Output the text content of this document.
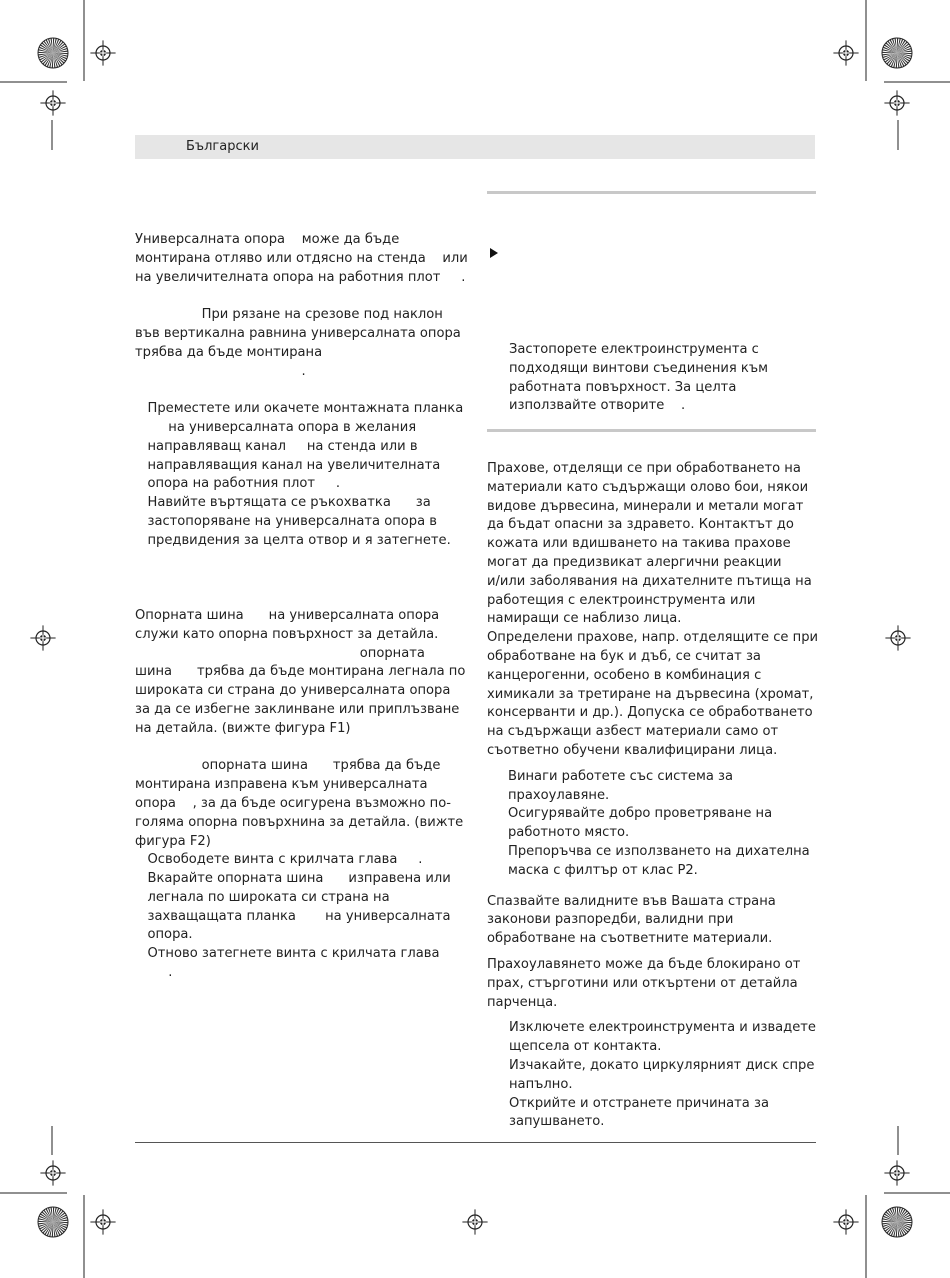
Български

Универсалната опора    може да бъде

монтирана отляво или отдясно на стенда    или

на увеличителната опора на работния плот     .

При рязане на срезове под наклон

във вертикална равнина универсалната опора

трябва да бъде монтирана

.

Преместете или окачете монтажната планка

на универсалната опора в желания

направляващ канал     на стенда или в

направляващия канал на увеличителната

опора на работния плот     .

Навийте въртящата се ръкохватка      за

застопоряване на универсалната опора в

предвидения за целта отвор и я затегнете.

Опорната шина      на универсалната опора

служи като опорна повърхност за детайла.

опорната

шина      трябва да бъде монтирана легнала по

широката си страна до универсалната опора

за да се избегне заклинване или приплъзване

на детайла. (вижте фигура F1)

опорната шина      трябва да бъде

монтирана изправена към универсалната

опора    , за да бъде осигурена възможно по-

голяма опорна повърхнина за детайла. (вижте

фигура F2)

Освободете винта с крилчата глава     .

Вкарайте опорната шина      изправена или

легнала по широката си страна на

захващащата планка       на универсалната

опора.

Отново затегнете винта с крилчата глава

.

Застопорете електроинструмента с

подходящи винтови съединения към

работната повърхност. За целта

използвайте отворите    .

Прахове, отделящи се при обработването на

материали като съдържащи олово бои, някои

видове дървесина, минерали и метали могат

да бъдат опасни за здравето. Контактът до

кожата или вдишването на такива прахове

могат да предизвикат алергични реакции

и/или заболявания на дихателните пътища на

работещия с електроинструмента или

намиращи се наблизо лица.

Определени прахове, напр. отделящите се при

обработване на бук и дъб, се считат за

канцерогенни, особено в комбинация с

химикали за третиране на дървесина (хромат,

консерванти и др.). Допуска се обработването

на съдържащи азбест материали само от

съответно обучени квалифицирани лица.

Винаги работете със система за

прахоулавяне.

Осигурявайте добро проветряване на

работното място.

Препоръчва се използването на дихателна

маска с филтър от клас P2.

Спазвайте валидните във Вашата страна

законови разпоредби, валидни при

обработване на съответните материали.

Прахоулавянето може да бъде блокирано от

прах, стърготини или откъртени от детайла

парченца.

Изключете електроинструмента и извадете

щепсела от контакта.

Изчакайте, докато циркулярният диск спре

напълно.

Открийте и отстранете причината за

запушването.
